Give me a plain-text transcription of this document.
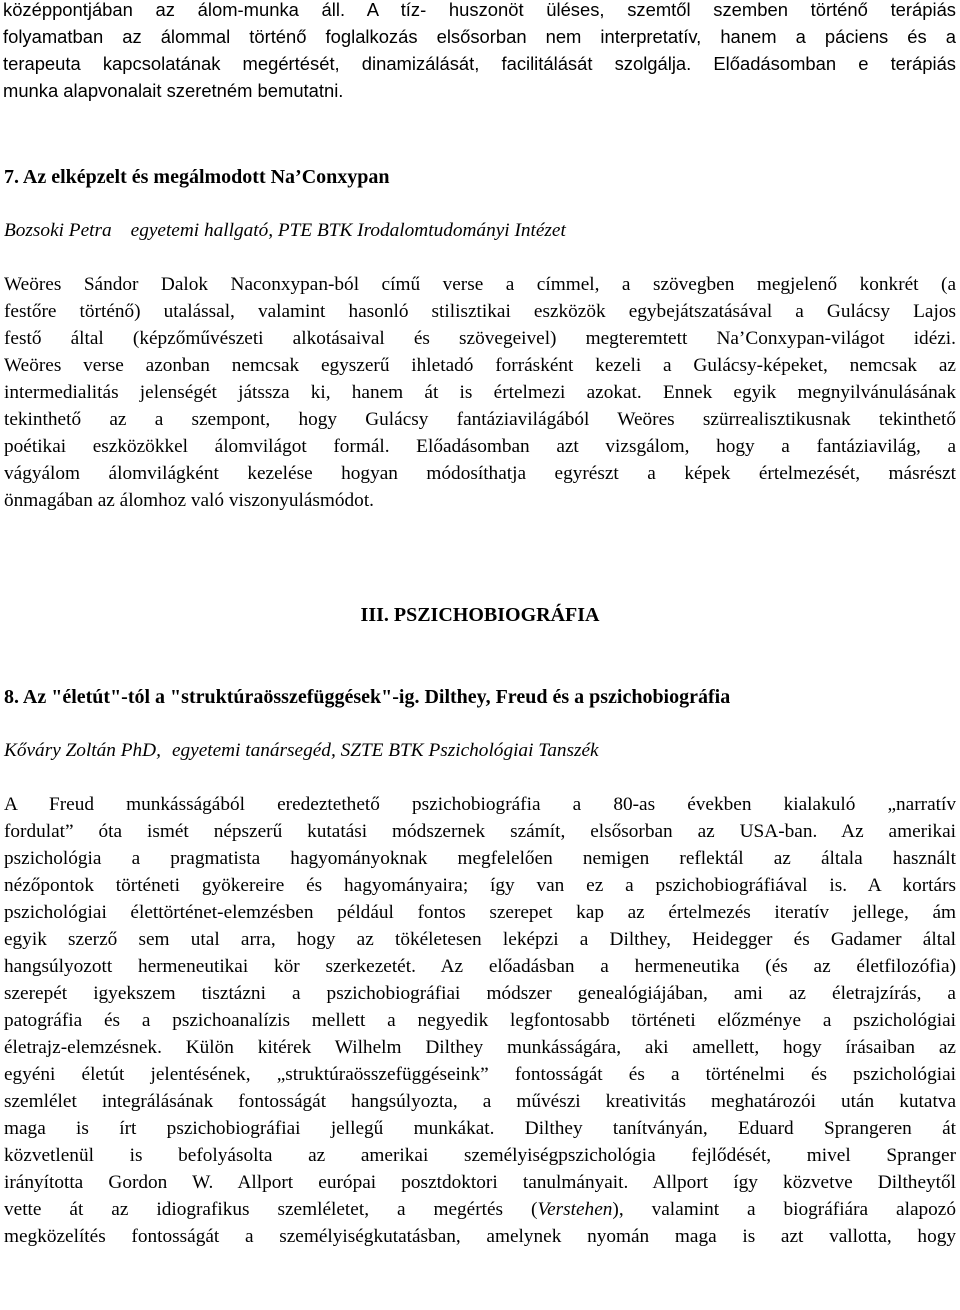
középpontjában az álom-munka áll. A tíz- huszonöt üléses, szemtől szemben történő terápiás
folyamatban az álommal történő foglalkozás elsősorban nem interpretatív, hanem a páciens és a
terapeuta kapcsolatának megértését, dinamizálását, facilitálását szolgálja. Előadásomban e terápiás
munka alapvonalait szeretném bemutatni.
7. Az elképzelt és megálmodott Na’Conxypan
Bozsoki Petra egyetemi hallgató, PTE BTK Irodalomtudományi Intézet
Weöres Sándor Dalok Naconxypan-ból című verse a címmel, a szövegben megjelenő konkrét (a
festőre történő) utalással, valamint hasonló stilisztikai eszközök egybejátszatásával a Gulácsy Lajos
festő által (képzőművészeti alkotásaival és szövegeivel) megteremtett Na’Conxypan-világot idézi.
Weöres verse azonban nemcsak egyszerű ihletadó forrásként kezeli a Gulácsy-képeket, nemcsak az
intermedialitás jelenségét játssza ki, hanem át is értelmezi azokat. Ennek egyik megnyilvánulásának
tekinthető az a szempont, hogy Gulácsy fantáziavilágából Weöres szürrealisztikusnak tekinthető
poétikai eszközökkel álomvilágot formál. Előadásomban azt vizsgálom, hogy a fantáziavilág, a
vágyálom álomvilágként kezelése hogyan módosíthatja egyrészt a képek értelmezését, másrészt
önmagában az álomhoz való viszonyulásmódot.
III. PSZICHOBIOGRÁFIA
8. Az "életút"-tól a "struktúraösszefüggések"-ig. Dilthey, Freud és a pszichobiográfia
Kőváry Zoltán PhD, egyetemi tanársegéd, SZTE BTK Pszichológiai Tanszék
A Freud munkásságából eredeztethető pszichobiográfia a 80-as években kialakuló „narratív
fordulat” óta ismét népszerű kutatási módszernek számít, elsősorban az USA-ban. Az amerikai
pszichológia a pragmatista hagyományoknak megfelelően nemigen reflektál az általa használt
nézőpontok történeti gyökereire és hagyományaira; így van ez a pszichobiográfiával is. A kortárs
pszichológiai élettörténet-elemzésben például fontos szerepet kap az értelmezés iteratív jellege, ám
egyik szerző sem utal arra, hogy az tökéletesen leképzi a Dilthey, Heidegger és Gadamer által
hangsúlyozott hermeneutikai kör szerkezetét. Az előadásban a hermeneutika (és az életfilozófia)
szerepét igyekszem tisztázni a pszichobiográfiai módszer genealógiájában, ami az életrajzírás, a
patográfia és a pszichoanalízis mellett a negyedik legfontosabb történeti előzménye a pszichológiai
életrajz-elemzésnek. Külön kitérek Wilhelm Dilthey munkásságára, aki amellett, hogy írásaiban az
egyéni életút jelentésének, „struktúraösszefüggéseink” fontosságát és a történelmi és pszichológiai
szemlélet integrálásának fontosságát hangsúlyozta, a művészi kreativitás meghatározói után kutatva
maga is írt pszichobiográfiai jellegű munkákat. Dilthey tanítványán, Eduard Sprangeren át
közvetlenül is befolyásolta az amerikai személyiségpszichológia fejlődését, mivel Spranger
irányította Gordon W. Allport európai posztdoktori tanulmányait. Allport így közvetve Diltheytől
vette át az idiografikus szemléletet, a megértés (Verstehen), valamint a biográfiára alapozó
megközelítés fontosságát a személyiségkutatásban, amelynek nyomán maga is azt vallotta, hogy
